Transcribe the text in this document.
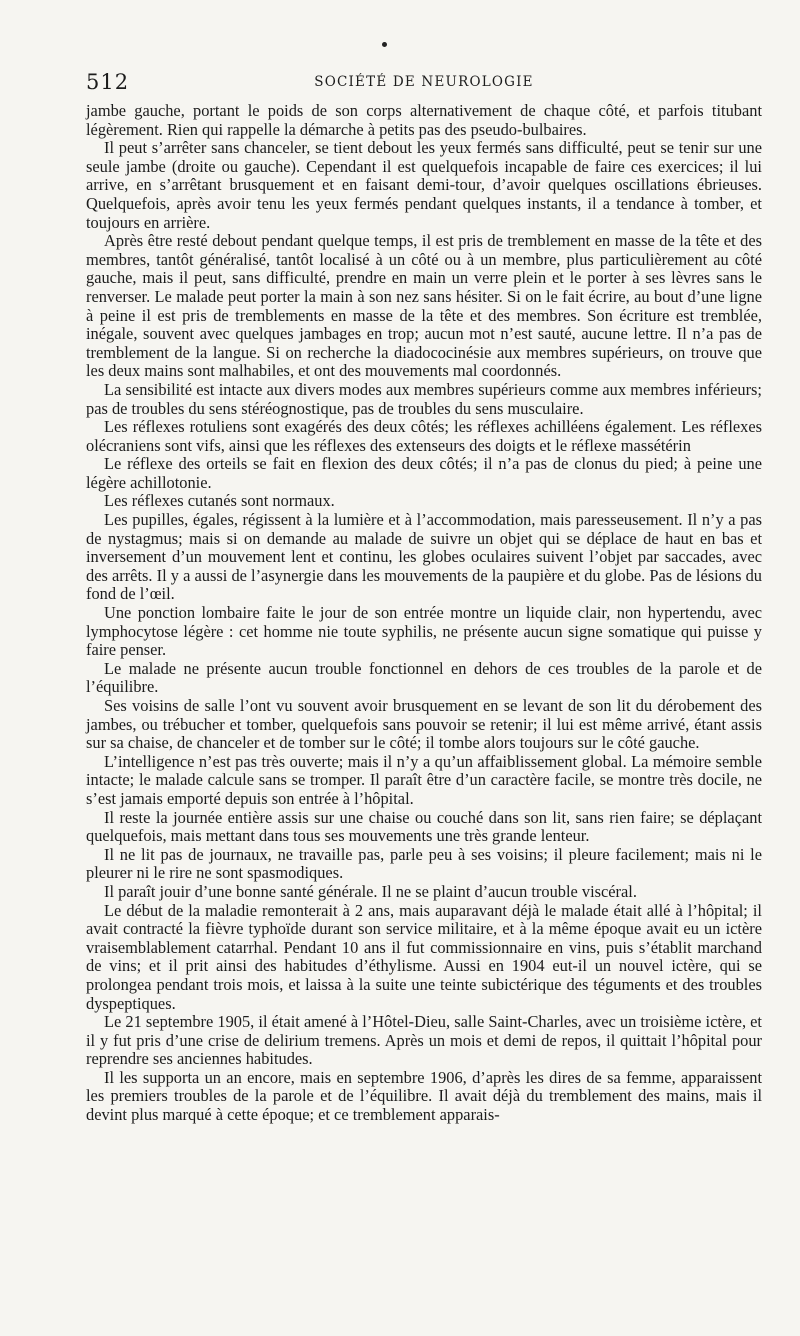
512	SOCIÉTÉ DE NEUROLOGIE

jambe gauche, portant le poids de son corps alternativement de chaque côté, et parfois titubant légèrement. Rien qui rappelle la démarche à petits pas des pseudo-bulbaires.

Il peut s’arrêter sans chanceler, se tient debout les yeux fermés sans difficulté, peut se tenir sur une seule jambe (droite ou gauche). Cependant il est quelquefois incapable de faire ces exercices; il lui arrive, en s’arrêtant brusquement et en faisant demi-tour, d’avoir quelques oscillations ébrieuses. Quelquefois, après avoir tenu les yeux fermés pendant quelques instants, il a tendance à tomber, et toujours en arrière.

Après être resté debout pendant quelque temps, il est pris de tremblement en masse de la tête et des membres, tantôt généralisé, tantôt localisé à un côté ou à un membre, plus particulièrement au côté gauche, mais il peut, sans difficulté, prendre en main un verre plein et le porter à ses lèvres sans le renverser. Le malade peut porter la main à son nez sans hésiter. Si on le fait écrire, au bout d’une ligne à peine il est pris de tremblements en masse de la tête et des membres. Son écriture est tremblée, inégale, souvent avec quelques jambages en trop; aucun mot n’est sauté, aucune lettre. Il n’a pas de tremblement de la langue. Si on recherche la diadococinésie aux membres supérieurs, on trouve que les deux mains sont malhabiles, et ont des mouvements mal coordonnés.

La sensibilité est intacte aux divers modes aux membres supérieurs comme aux membres inférieurs; pas de troubles du sens stéréognostique, pas de troubles du sens musculaire.

Les réflexes rotuliens sont exagérés des deux côtés; les réflexes achilléens également. Les réflexes olécraniens sont vifs, ainsi que les réflexes des extenseurs des doigts et le réflexe massétérin

Le réflexe des orteils se fait en flexion des deux côtés; il n’a pas de clonus du pied; à peine une légère achillotonie.

Les réflexes cutanés sont normaux.

Les pupilles, égales, régissent à la lumière et à l’accommodation, mais paresseusement. Il n’y a pas de nystagmus; mais si on demande au malade de suivre un objet qui se déplace de haut en bas et inversement d’un mouvement lent et continu, les globes oculaires suivent l’objet par saccades, avec des arrêts. Il y a aussi de l’asynergie dans les mouvements de la paupière et du globe. Pas de lésions du fond de l’œil.

Une ponction lombaire faite le jour de son entrée montre un liquide clair, non hypertendu, avec lymphocytose légère : cet homme nie toute syphilis, ne présente aucun signe somatique qui puisse y faire penser.

Le malade ne présente aucun trouble fonctionnel en dehors de ces troubles de la parole et de l’équilibre.

Ses voisins de salle l’ont vu souvent avoir brusquement en se levant de son lit du dérobement des jambes, ou trébucher et tomber, quelquefois sans pouvoir se retenir; il lui est même arrivé, étant assis sur sa chaise, de chanceler et de tomber sur le côté; il tombe alors toujours sur le côté gauche.

L’intelligence n’est pas très ouverte; mais il n’y a qu’un affaiblissement global. La mémoire semble intacte; le malade calcule sans se tromper. Il paraît être d’un caractère facile, se montre très docile, ne s’est jamais emporté depuis son entrée à l’hôpital.

Il reste la journée entière assis sur une chaise ou couché dans son lit, sans rien faire; se déplaçant quelquefois, mais mettant dans tous ses mouvements une très grande lenteur.

Il ne lit pas de journaux, ne travaille pas, parle peu à ses voisins; il pleure facilement; mais ni le pleurer ni le rire ne sont spasmodiques.

Il paraît jouir d’une bonne santé générale. Il ne se plaint d’aucun trouble viscéral.

Le début de la maladie remonterait à 2 ans, mais auparavant déjà le malade était allé à l’hôpital; il avait contracté la fièvre typhoïde durant son service militaire, et à la même époque avait eu un ictère vraisemblablement catarrhal. Pendant 10 ans il fut commissionnaire en vins, puis s’établit marchand de vins; et il prit ainsi des habitudes d’éthylisme. Aussi en 1904 eut-il un nouvel ictère, qui se prolongea pendant trois mois, et laissa à la suite une teinte subictérique des téguments et des troubles dyspeptiques.

Le 21 septembre 1905, il était amené à l’Hôtel-Dieu, salle Saint-Charles, avec un troisième ictère, et il y fut pris d’une crise de delirium tremens. Après un mois et demi de repos, il quittait l’hôpital pour reprendre ses anciennes habitudes.

Il les supporta un an encore, mais en septembre 1906, d’après les dires de sa femme, apparaissent les premiers troubles de la parole et de l’équilibre. Il avait déjà du tremblement des mains, mais il devint plus marqué à cette époque; et ce tremblement apparais-
